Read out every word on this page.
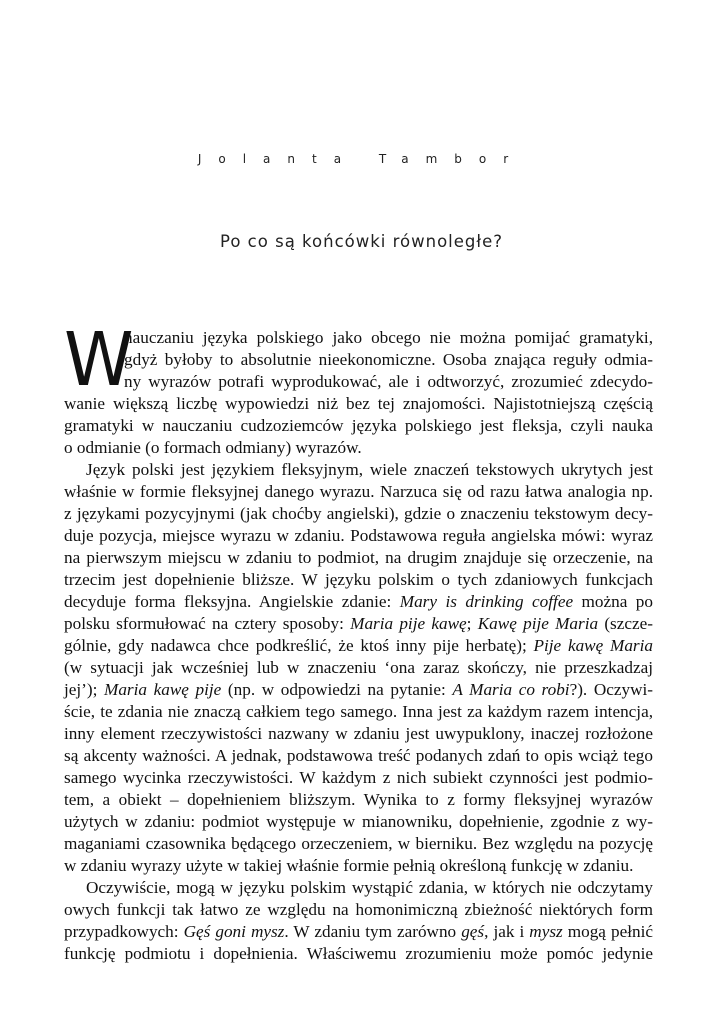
Jolanta Tambor
Po co są końcówki równoległe?
W
nauczaniu języka polskiego jako obcego nie można pomijać gramatyki,
gdyż byłoby to absolutnie nieekonomiczne. Osoba znająca reguły odmia-
ny wyrazów potrafi wyprodukować, ale i odtworzyć, zrozumieć zdecydo-
wanie większą liczbę wypowiedzi niż bez tej znajomości. Najistotniejszą częścią
gramatyki w nauczaniu cudzoziemców języka polskiego jest fleksja, czyli nauka
o odmianie (o formach odmiany) wyrazów.
Język polski jest językiem fleksyjnym, wiele znaczeń tekstowych ukrytych jest
właśnie w formie fleksyjnej danego wyrazu. Narzuca się od razu łatwa analogia np.
z językami pozycyjnymi (jak choćby angielski), gdzie o znaczeniu tekstowym decy-
duje pozycja, miejsce wyrazu w zdaniu. Podstawowa reguła angielska mówi: wyraz
na pierwszym miejscu w zdaniu to podmiot, na drugim znajduje się orzeczenie, na
trzecim jest dopełnienie bliższe. W języku polskim o tych zdaniowych funkcjach
decyduje forma fleksyjna. Angielskie zdanie: Mary is drinking coffee można po
polsku sformułować na cztery sposoby: Maria pije kawę; Kawę pije Maria (szcze-
gólnie, gdy nadawca chce podkreślić, że ktoś inny pije herbatę); Pije kawę Maria
(w sytuacji jak wcześniej lub w znaczeniu ‘ona zaraz skończy, nie przeszkadzaj
jej’); Maria kawę pije (np. w odpowiedzi na pytanie: A Maria co robi?). Oczywi-
ście, te zdania nie znaczą całkiem tego samego. Inna jest za każdym razem intencja,
inny element rzeczywistości nazwany w zdaniu jest uwypuklony, inaczej rozłożone
są akcenty ważności. A jednak, podstawowa treść podanych zdań to opis wciąż tego
samego wycinka rzeczywistości. W każdym z nich subiekt czynności jest podmio-
tem, a obiekt – dopełnieniem bliższym. Wynika to z formy fleksyjnej wyrazów
użytych w zdaniu: podmiot występuje w mianowniku, dopełnienie, zgodnie z wy-
maganiami czasownika będącego orzeczeniem, w bierniku. Bez względu na pozycję
w zdaniu wyrazy użyte w takiej właśnie formie pełnią określoną funkcję w zdaniu.
Oczywiście, mogą w języku polskim wystąpić zdania, w których nie odczytamy
owych funkcji tak łatwo ze względu na homonimiczną zbieżność niektórych form
przypadkowych: Gęś goni mysz. W zdaniu tym zarówno gęś, jak i mysz mogą pełnić
funkcję podmiotu i dopełnienia. Właściwemu zrozumieniu może pomóc jedynie
